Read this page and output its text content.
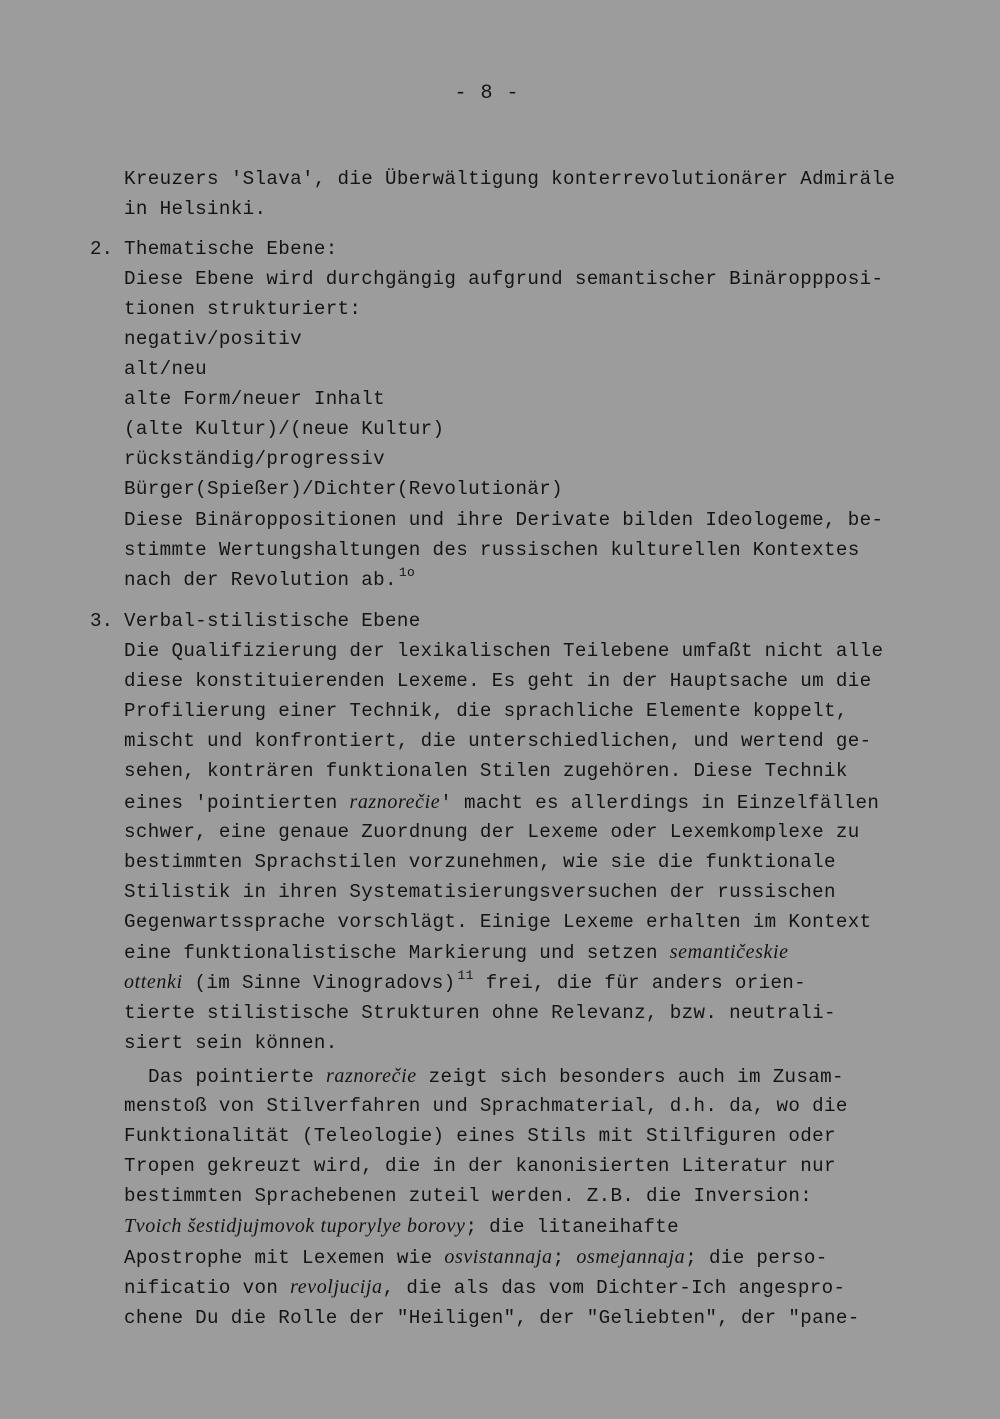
- 8 -
Kreuzers 'Slava', die Überwältigung konterrevolutionärer Admiräle
in Helsinki.
2. Thematische Ebene:
Diese Ebene wird durchgängig aufgrund semantischer Binäroppposi-
tionen strukturiert:
negativ/positiv
alt/neu
alte Form/neuer Inhalt
(alte Kultur)/(neue Kultur)
rückständig/progressiv
Bürger(Spießer)/Dichter(Revolutionär)
Diese Binäroppositionen und ihre Derivate bilden Ideologeme, be-
stimmte Wertungshaltungen des russischen kulturellen Kontextes
nach der Revolution ab. $^{1o}$
3. Verbal-stilistische Ebene
Die Qualifizierung der lexikalischen Teilebene umfaßt nicht alle
diese konstituierenden Lexeme. Es geht in der Hauptsache um die
Profilierung einer Technik, die sprachliche Elemente koppelt,
mischt und konfrontiert, die unterschiedlichen, und wertend ge-
sehen, konträren funktionalen Stilen zugehören. Diese Technik
eines 'pointierten raznorečie' macht es allerdings in Einzelfällen
schwer, eine genaue Zuordnung der Lexeme oder Lexemkomplexe zu
bestimmten Sprachstilen vorzunehmen, wie sie die funktionale
Stilistik in ihren Systematisierungsversuchen der russischen
Gegenwartssprache vorschlägt. Einige Lexeme erhalten im Kontext
eine funktionalistische Markierung und setzen semantičeskie
ottenki (im Sinne Vinogradovs) $^{11}$ frei, die für anders orien-
tierte stilistische Strukturen ohne Relevanz, bzw. neutrali-
siert sein können.
Das pointierte raznorečie zeigt sich besonders auch im Zusam-
menstoß von Stilverfahren und Sprachmaterial, d.h. da, wo die
Funktionalität (Teleologie) eines Stils mit Stilfiguren oder
Tropen gekreuzt wird, die in der kanonisierten Literatur nur
bestimmten Sprachebenen zuteil werden. Z.B. die Inversion:
Tvoich šestidjujmovok tuporylye borovy; die litaneihafte
Apostrophe mit Lexemen wie osvistannaja; osmejannaja; die perso-
nificatio von revoljucija, die als das vom Dichter-Ich angespro-
chene Du die Rolle der "Heiligen", der "Geliebten", der "pane-
